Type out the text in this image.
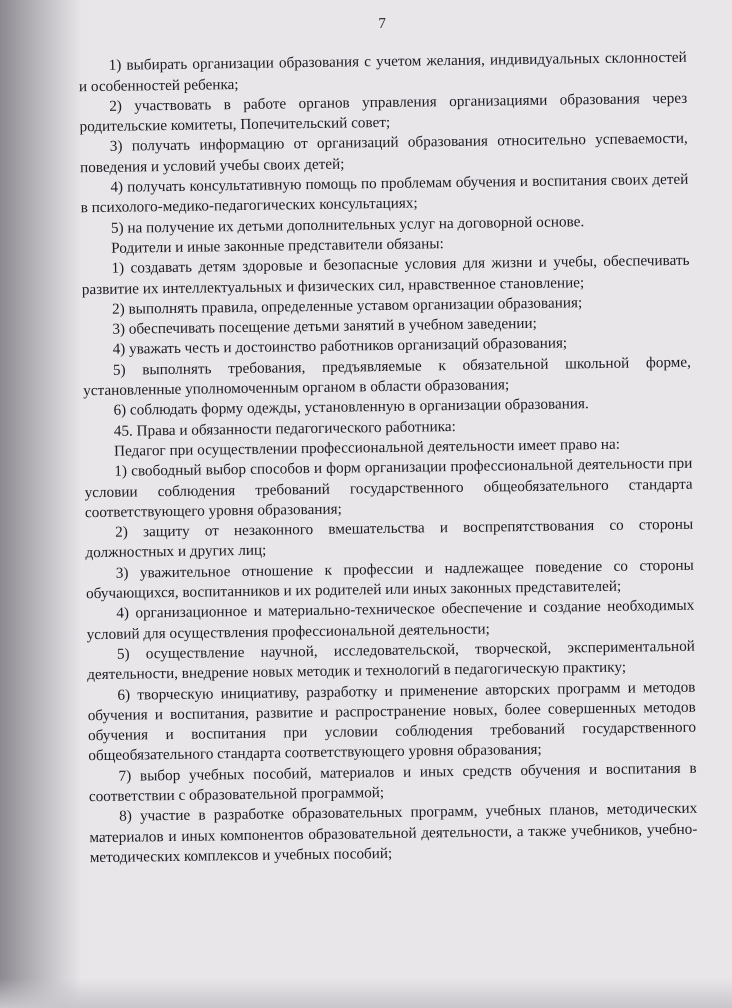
7

1) выбирать организации образования с учетом желания, индивидуальных склонностей и особенностей ребенка;

2) участвовать в работе органов управления организациями образования через родительские комитеты, Попечительский совет;

3) получать информацию от организаций образования относительно успеваемости, поведения и условий учебы своих детей;

4) получать консультативную помощь по проблемам обучения и воспитания своих детей в психолого-медико-педагогических консультациях;

5) на получение их детьми дополнительных услуг на договорной основе.

Родители и иные законные представители обязаны:

1) создавать детям здоровые и безопасные условия для жизни и учебы, обеспечивать развитие их интеллектуальных и физических сил, нравственное становление;

2) выполнять правила, определенные уставом организации образования;

3) обеспечивать посещение детьми занятий в учебном заведении;

4) уважать честь и достоинство работников организаций образования;

5) выполнять требования, предъявляемые к обязательной школьной форме, установленные уполномоченным органом в области образования;

6) соблюдать форму одежды, установленную в организации образования.

45. Права и обязанности педагогического работника:

Педагог при осуществлении профессиональной деятельности имеет право на:

1) свободный выбор способов и форм организации профессиональной деятельности при условии соблюдения требований государственного общеобязательного стандарта соответствующего уровня образования;

2) защиту от незаконного вмешательства и воспрепятствования со стороны должностных и других лиц;

3) уважительное отношение к профессии и надлежащее поведение со стороны обучающихся, воспитанников и их родителей или иных законных представителей;

4) организационное и материально-техническое обеспечение и создание необходимых условий для осуществления профессиональной деятельности;

5) осуществление научной, исследовательской, творческой, экспериментальной деятельности, внедрение новых методик и технологий в педагогическую практику;

6) творческую инициативу, разработку и применение авторских программ и методов обучения и воспитания, развитие и распространение новых, более совершенных методов обучения и воспитания при условии соблюдения требований государственного общеобязательного стандарта соответствующего уровня образования;

7) выбор учебных пособий, материалов и иных средств обучения и воспитания в соответствии с образовательной программой;

8) участие в разработке образовательных программ, учебных планов, методических материалов и иных компонентов образовательной деятельности, а также учебников, учебно-методических комплексов и учебных пособий;
